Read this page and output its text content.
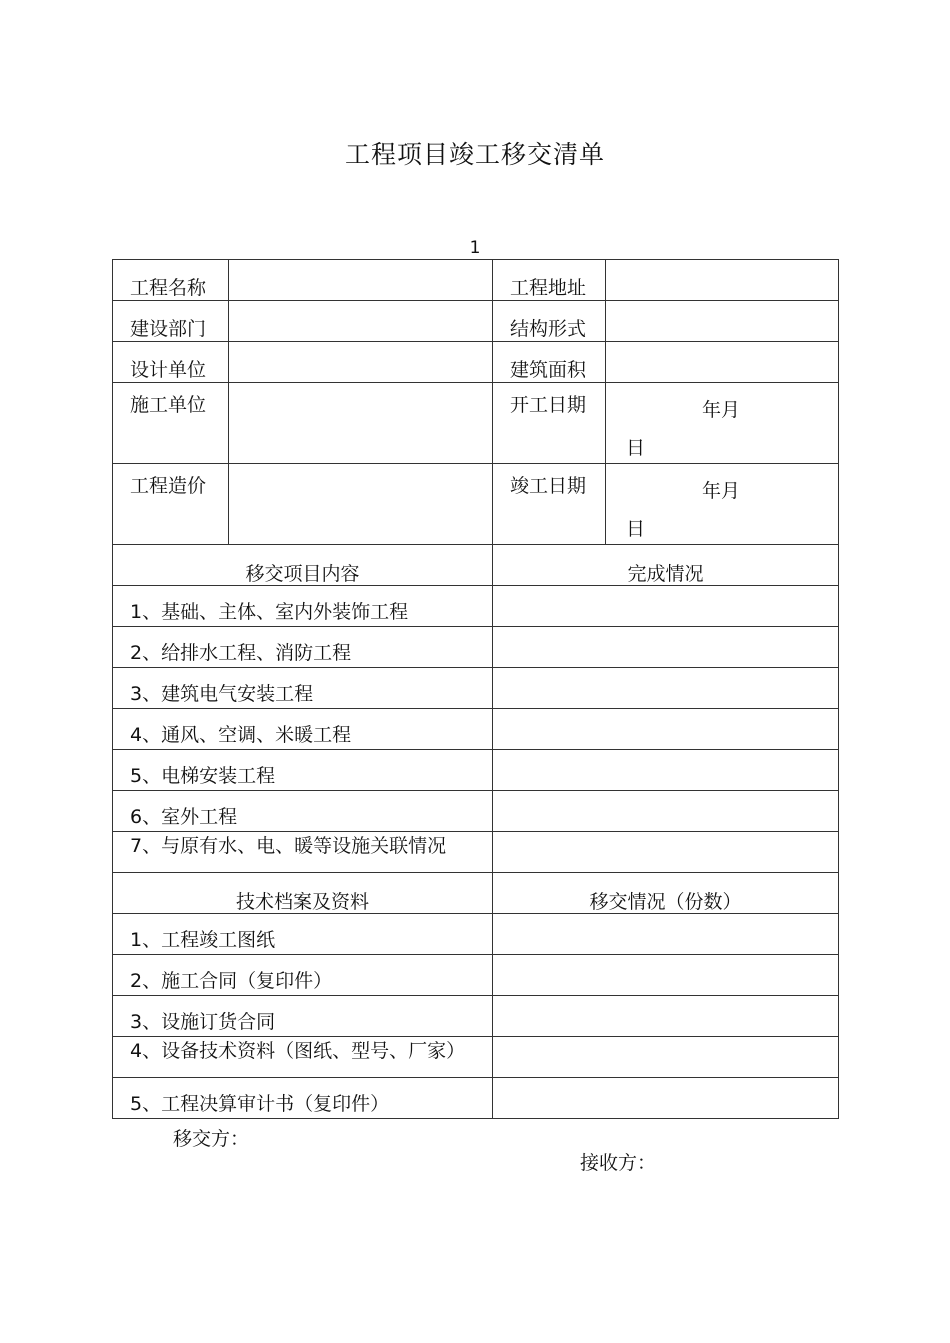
工程项目竣工移交清单
1
工程名称		工程地址	

建设部门		结构形式	

设计单位		建筑面积	

施工单位		开工日期	年月
日

工程造价		竣工日期	年月
日

移交项目内容		完成情况	

1、基础、主体、室内外装饰工程			

2、给排水工程、消防工程			

3、建筑电气安装工程			

4、通风、空调、米暖工程			

5、电梯安装工程			

6、室外工程			

7、与原有水、电、暖等设施关联情况			

技术档案及资料		移交情况（份数）	

1、工程竣工图纸			

2、施工合同（复印件）			

3、设施订货合同			

4、设备技术资料（图纸、型号、厂家）			

5、工程决算审计书（复印件）			

移交方：
接收方：
